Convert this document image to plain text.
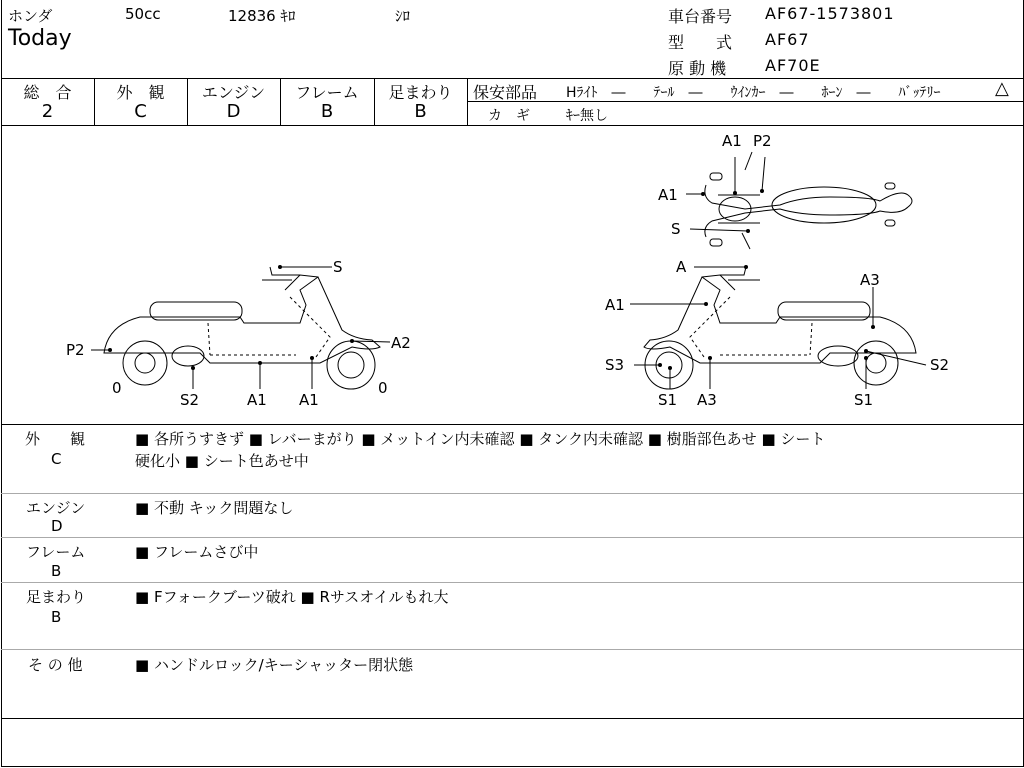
ホンダ	50cc	12836 ｷﾛ	ｼﾛ
Today
車台番号 AF67-1573801
型　　式 AF67
原 動 機 AF70E
総　合
2
外　観
C
エンジン
D
フレーム
B
足まわり
B
保安部品 Hﾗｲﾄ　―　　ﾃｰﾙ　―　　ｳｲﾝｶｰ　―　　ﾎｰﾝ　―　　ﾊﾞｯﾃﾘｰ	△
カ　ギ	ｷｰ無し
A1 P2
A1
S
S
A2
P2
0	0
S2	A1 A1
A
A3
A1
S3	S2
S1 A3	S1
外　　観
C
■ 各所うすきず ■ レバーまがり ■ メットイン内未確認 ■ タンク内未確認 ■ 樹脂部色あせ ■ シート
硬化小 ■ シート色あせ中
エンジン
D
■ 不動 キック問題なし
フレーム
B
■ フレームさび中
足まわり
B
■ Fフォークブーツ破れ ■ Rサスオイルもれ大
そ の 他	■ ハンドルロック/キーシャッター閉状態
